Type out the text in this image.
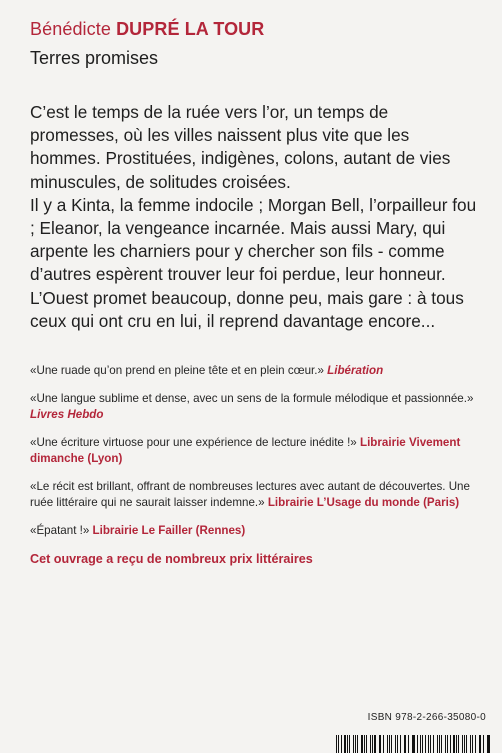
Bénédicte DUPRÉ LA TOUR
Terres promises

C’est le temps de la ruée vers l’or, un temps de promesses, où les villes naissent plus vite que les hommes. Prostituées, indigènes, colons, autant de vies minuscules, de solitudes croisées.

Il y a Kinta, la femme indocile ; Morgan Bell, l’orpailleur fou ; Eleanor, la vengeance incarnée. Mais aussi Mary, qui arpente les charniers pour y chercher son fils - comme d’autres espèrent trouver leur foi perdue, leur honneur.

L’Ouest promet beaucoup, donne peu, mais gare : à tous ceux qui ont cru en lui, il reprend davantage encore...

«Une ruade qu’on prend en pleine tête et en plein cœur.» Libération

«Une langue sublime et dense, avec un sens de la formule mélodique et passionnée.» Livres Hebdo

«Une écriture virtuose pour une expérience de lecture inédite !» Librairie Vivement dimanche (Lyon)

«Le récit est brillant, offrant de nombreuses lectures avec autant de découvertes. Une ruée littéraire qui ne saurait laisser indemne.» Librairie L’Usage du monde (Paris)

«Épatant !» Librairie Le Failler (Rennes)

Cet ouvrage a reçu de nombreux prix littéraires

ISBN 978-2-266-35080-0
